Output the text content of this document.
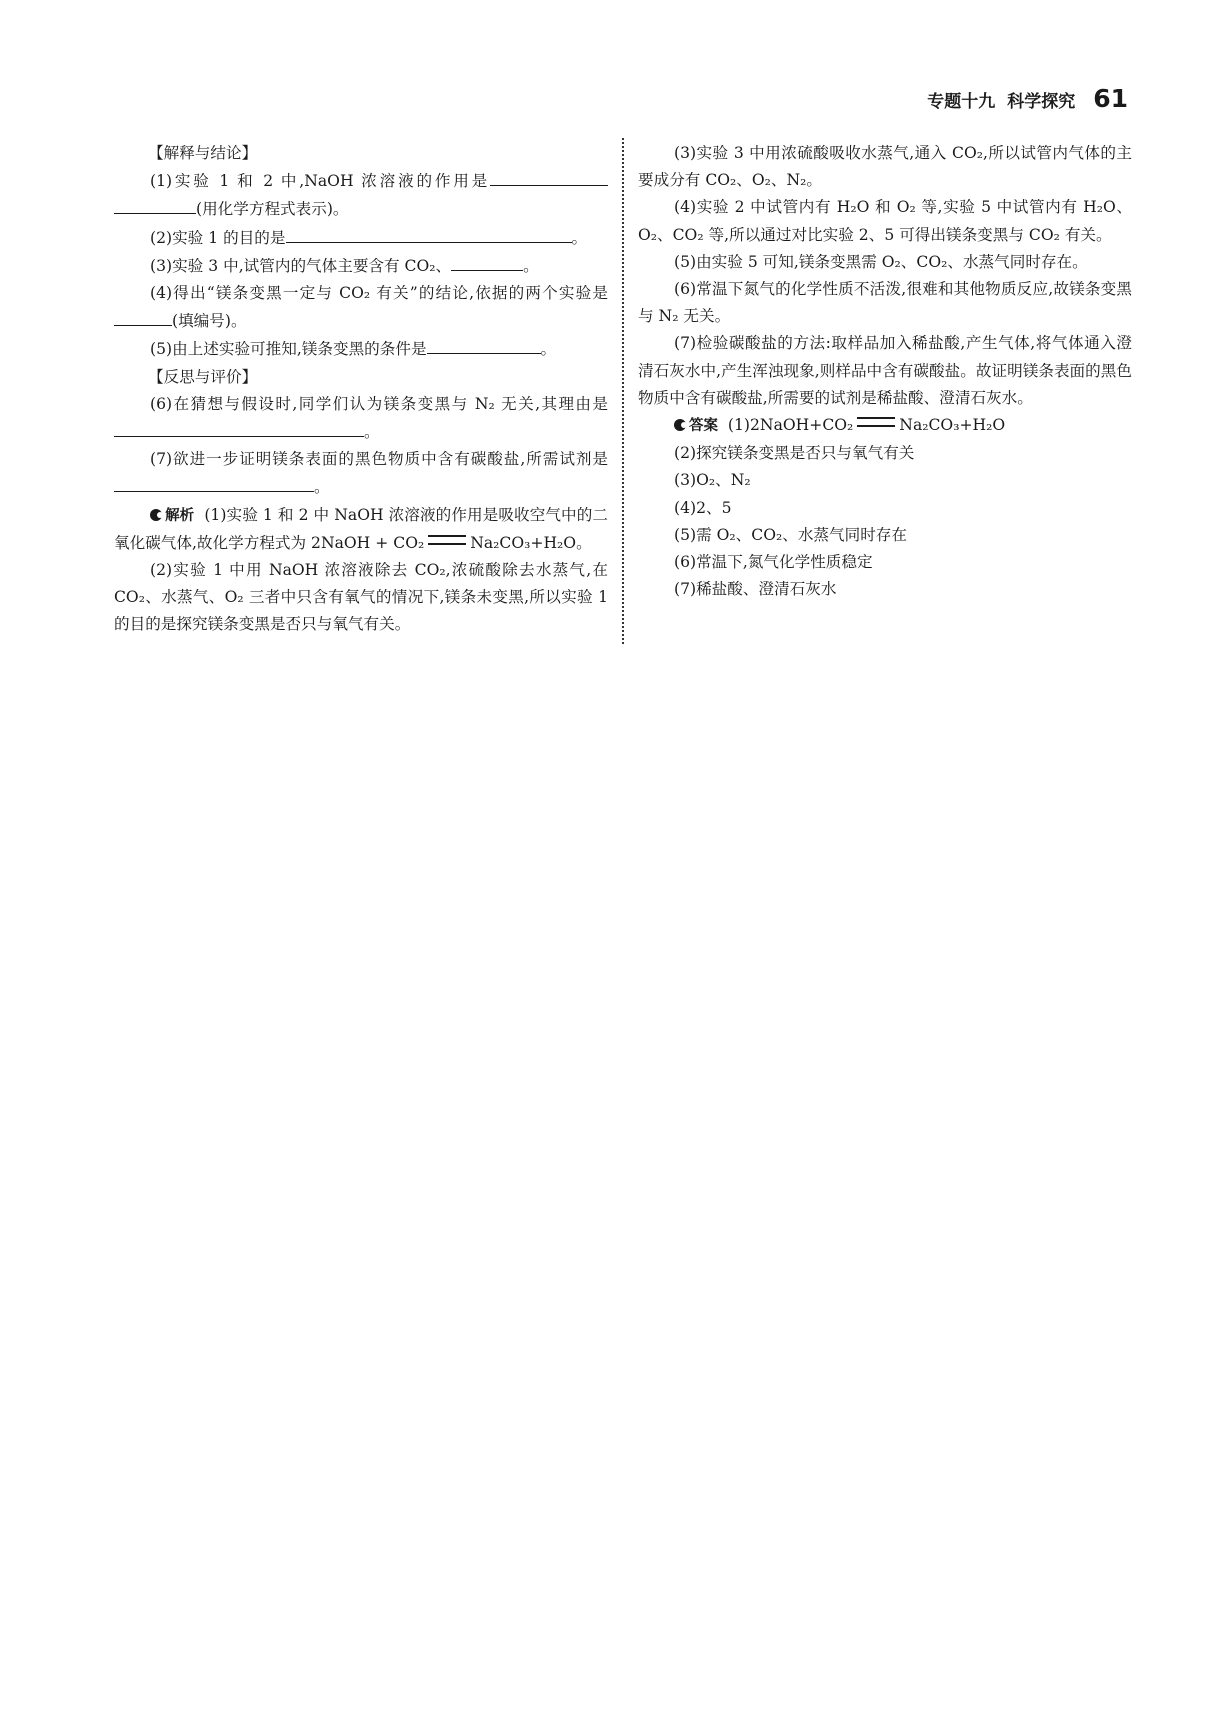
专题十九 科学探究 61

【解释与结论】

(1)实验 1 和 2 中,NaOH 浓溶液的作用是 (用化学方程式表示)。

(2)实验 1 的目的是	。

(3)实验 3 中,试管内的气体主要含有 CO₂、	。

(4)得出“镁条变黑一定与 CO₂ 有关”的结论,依据的两个实验是(填编号)。

(5)由上述实验可推知,镁条变黑的条件是	。

【反思与评价】

(6)在猜想与假设时,同学们认为镁条变黑与 N₂ 无关,其理由是。

(7)欲进一步证明镁条表面的黑色物质中含有碳酸盐,所需试剂是。

解析 (1)实验 1 和 2 中 NaOH 浓溶液的作用是吸收空气中的二氧化碳气体,故化学方程式为 2NaOH + CO₂	Na₂CO₃+H₂O。

(2)实验 1 中用 NaOH 浓溶液除去 CO₂,浓硫酸除去水蒸气,在 CO₂、水蒸气、O₂ 三者中只含有氧气的情况下,镁条未变黑,所以实验 1 的目的是探究镁条变黑是否只与氧气有关。

(3)实验 3 中用浓硫酸吸收水蒸气,通入 CO₂,所以试管内气体的主要成分有 CO₂、O₂、N₂。

(4)实验 2 中试管内有 H₂O 和 O₂ 等,实验 5 中试管内有 H₂O、O₂、CO₂ 等,所以通过对比实验 2、5 可得出镁条变黑与 CO₂ 有关。

(5)由实验 5 可知,镁条变黑需 O₂、CO₂、水蒸气同时存在。

(6)常温下氮气的化学性质不活泼,很难和其他物质反应,故镁条变黑与 N₂ 无关。

(7)检验碳酸盐的方法:取样品加入稀盐酸,产生气体,将气体通入澄清石灰水中,产生浑浊现象,则样品中含有碳酸盐。故证明镁条表面的黑色物质中含有碳酸盐,所需要的试剂是稀盐酸、澄清石灰水。

答案 (1)2NaOH+CO₂	Na₂CO₃+H₂O

(2)探究镁条变黑是否只与氧气有关

(3)O₂、N₂

(4)2、5

(5)需 O₂、CO₂、水蒸气同时存在

(6)常温下,氮气化学性质稳定

(7)稀盐酸、澄清石灰水
